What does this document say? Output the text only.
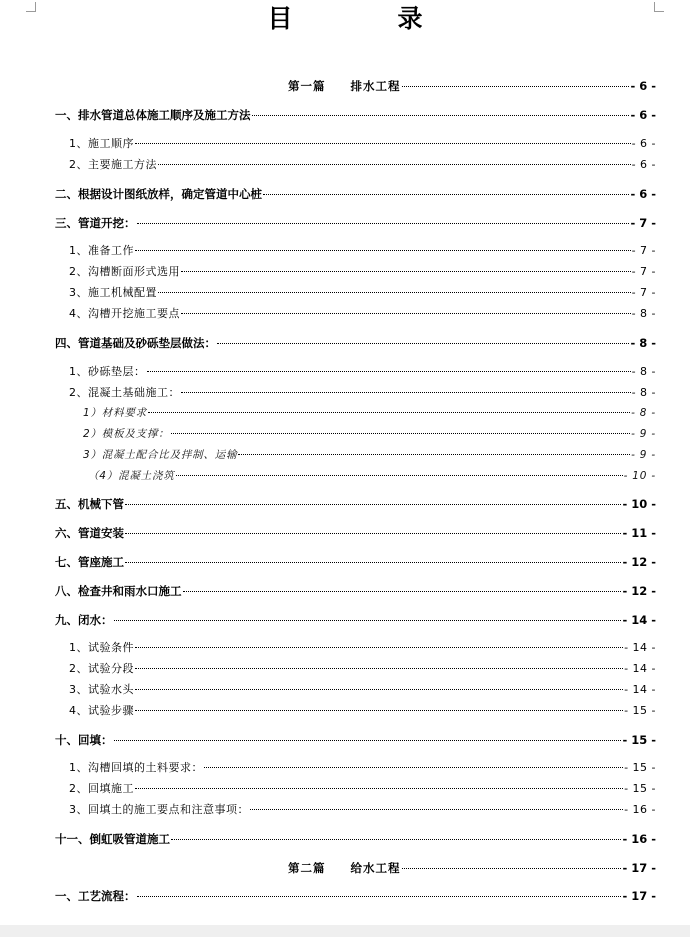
目　录
第一篇　　排水工程	- 6 -
一、排水管道总体施工顺序及施工方法	- 6 -
1、施工顺序	- 6 -
2、主要施工方法	- 6 -
二、根据设计图纸放样，确定管道中心桩	- 6 -
三、管道开挖：	- 7 -
1、准备工作	- 7 -
2、沟槽断面形式选用	- 7 -
3、施工机械配置	- 7 -
4、沟槽开挖施工要点	- 8 -
四、管道基础及砂砾垫层做法：	- 8 -
1、砂砾垫层：	- 8 -
2、混凝土基础施工：	- 8 -
1）材料要求	- 8 -
2）模板及支撑：	- 9 -
3）混凝土配合比及拌制、运输	- 9 -
（4）混凝土浇筑	- 10 -
五、机械下管	- 10 -
六、管道安装	- 11 -
七、管座施工	- 12 -
八、检查井和雨水口施工	- 12 -
九、闭水：	- 14 -
1、试验条件	- 14 -
2、试验分段	- 14 -
3、试验水头	- 14 -
4、试验步骤	- 15 -
十、回填：	- 15 -
1、沟槽回填的土料要求：	- 15 -
2、回填施工	- 15 -
3、回填土的施工要点和注意事项：	- 16 -
十一、倒虹吸管道施工	- 16 -
第二篇　　给水工程	- 17 -
一、工艺流程：	- 17 -
